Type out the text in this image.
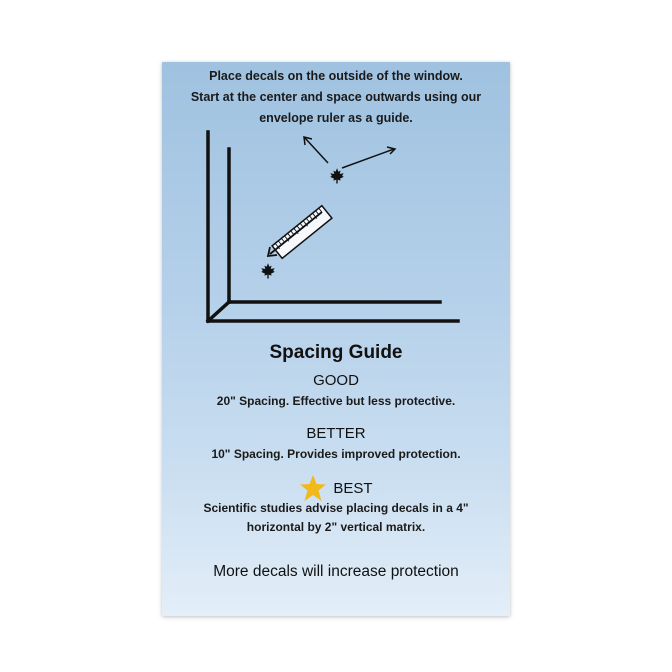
Place decals on the outside of the window.
Start at the center and space outwards using our
envelope ruler as a guide.
Spacing Guide
GOOD
20" Spacing. Effective but less protective.
BETTER
10" Spacing. Provides improved protection.
BEST
Scientific studies advise placing decals in a 4"
horizontal by 2" vertical matrix.
More decals will increase protection
